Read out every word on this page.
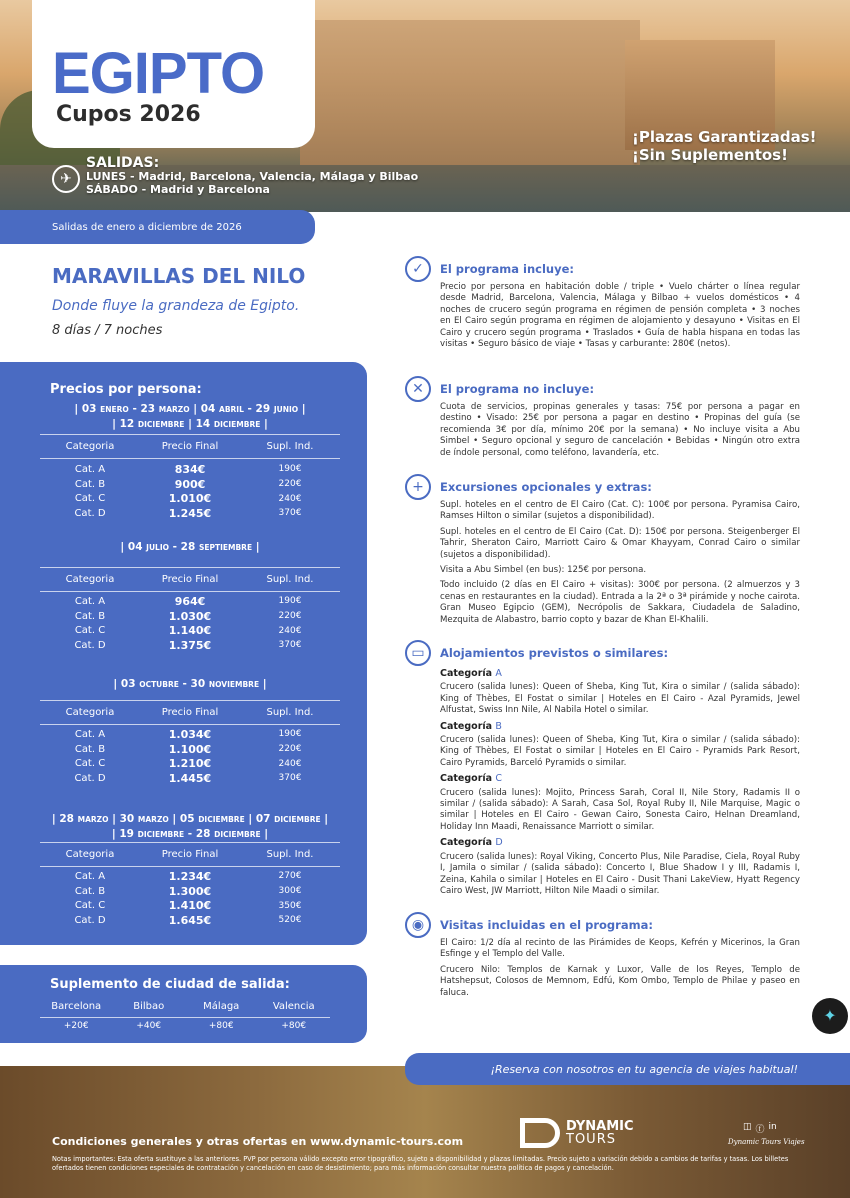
EGIPTO
Cupos 2026
¡Plazas Garantizadas!
¡Sin Suplementos!
✈
SALIDAS:
LUNES - Madrid, Barcelona, Valencia, Málaga y Bilbao
SÁBADO - Madrid y Barcelona
Salidas de enero a diciembre de 2026
MARAVILLAS DEL NILO
Donde fluye la grandeza de Egipto.
8 días / 7 noches
Precios por persona:
| 03 ENERO - 23 MARZO | 04 ABRIL - 29 JUNIO |
| 12 DICIEMBRE | 14 DICIEMBRE |
Categoria	Precio Final	Supl. Ind.
Cat. A	834€	190€
Cat. B	900€	220€
Cat. C	1.010€	240€
Cat. D	1.245€	370€
| 04 JULIO - 28 SEPTIEMBRE |
Categoria	Precio Final	Supl. Ind.
Cat. A	964€	190€
Cat. B	1.030€	220€
Cat. C	1.140€	240€
Cat. D	1.375€	370€
| 03 OCTUBRE - 30 NOVIEMBRE |
Categoria	Precio Final	Supl. Ind.
Cat. A	1.034€	190€
Cat. B	1.100€	220€
Cat. C	1.210€	240€
Cat. D	1.445€	370€
| 28 MARZO | 30 MARZO | 05 DICIEMBRE | 07 DICIEMBRE |
| 19 DICIEMBRE - 28 DICIEMBRE |
Categoria	Precio Final	Supl. Ind.
Cat. A	1.234€	270€
Cat. B	1.300€	300€
Cat. C	1.410€	350€
Cat. D	1.645€	520€
Suplemento de ciudad de salida:
Barcelona	Bilbao	Málaga	Valencia
+20€	+40€	+80€	+80€
✓	El programa incluye:

Precio por persona en habitación doble / triple • Vuelo chárter o línea regular desde Madrid, Barcelona, Valencia, Málaga y Bilbao + vuelos domésticos • 4 noches de crucero según programa en régimen de pensión completa • 3 noches en El Cairo según programa en régimen de alojamiento y desayuno • Visitas en El Cairo y crucero según programa • Traslados • Guía de habla hispana en todas las visitas • Seguro básico de viaje • Tasas y carburante: 280€ (netos).

✕	El programa no incluye:

Cuota de servicios, propinas generales y tasas: 75€ por persona a pagar en destino • Visado: 25€ por persona a pagar en destino • Propinas del guía (se recomienda 3€ por día, mínimo 20€ por la semana) • No incluye visita a Abu Simbel • Seguro opcional y seguro de cancelación • Bebidas • Ningún otro extra de índole personal, como teléfono, lavandería, etc.

+	Excursiones opcionales y extras:

Supl. hoteles en el centro de El Cairo (Cat. C): 100€ por persona. Pyramisa Cairo, Ramses Hilton o similar (sujetos a disponibilidad).

Supl. hoteles en el centro de El Cairo (Cat. D): 150€ por persona. Steigenberger El Tahrir, Sheraton Cairo, Marriott Cairo & Omar Khayyam, Conrad Cairo o similar (sujetos a disponibilidad).

Visita a Abu Simbel (en bus): 125€ por persona.

Todo incluido (2 días en El Cairo + visitas): 300€ por persona. (2 almuerzos y 3 cenas en restaurantes en la ciudad). Entrada a la 2ª o 3ª pirámide y noche cairota. Gran Museo Egipcio (GEM), Necrópolis de Sakkara, Ciudadela de Saladino, Mezquita de Alabastro, barrio copto y bazar de Khan El-Khalili.

▭	Alojamientos previstos o similares:
Categoría A

Crucero (salida lunes): Queen of Sheba, King Tut, Kira o similar / (salida sábado): King of Thèbes, El Fostat o similar | Hoteles en El Cairo - Azal Pyramids, Jewel Alfustat, Swiss Inn Nile, Al Nabila Hotel o similar.

Categoría B

Crucero (salida lunes): Queen of Sheba, King Tut, Kira o similar / (salida sábado): King of Thèbes, El Fostat o similar | Hoteles en El Cairo - Pyramids Park Resort, Cairo Pyramids, Barceló Pyramids o similar.

Categoría C

Crucero (salida lunes): Mojito, Princess Sarah, Coral II, Nile Story, Radamis II o similar / (salida sábado): A Sarah, Casa Sol, Royal Ruby II, Nile Marquise, Magic o similar | Hoteles en El Cairo - Gewan Cairo, Sonesta Cairo, Helnan Dreamland, Holiday Inn Maadi, Renaissance Marriott o similar.

Categoría D

Crucero (salida lunes): Royal Viking, Concerto Plus, Nile Paradise, Ciela, Royal Ruby I, Jamila o similar / (salida sábado): Concerto I, Blue Shadow I y III, Radamis I, Zeina, Kahila o similar | Hoteles en El Cairo - Dusit Thani LakeView, Hyatt Regency Cairo West, JW Marriott, Hilton Nile Maadi o similar.

◉	Visitas incluidas en el programa:

El Cairo: 1/2 día al recinto de las Pirámides de Keops, Kefrén y Micerinos, la Gran Esfinge y el Templo del Valle.

Crucero Nilo: Templos de Karnak y Luxor, Valle de los Reyes, Templo de Hatshepsut, Colosos de Memnom, Edfú, Kom Ombo, Templo de Philae y paseo en faluca.

✦
¡Reserva con nosotros en tu agencia de viajes habitual!
Condiciones generales y otras ofertas en www.dynamic-tours.com
Notas importantes: Esta oferta sustituye a las anteriores. PVP por persona válido excepto error tipográfico, sujeto a disponibilidad y plazas limitadas. Precio sujeto a variación debido a cambios de tarifas y tasas. Los billetes ofertados tienen condiciones especiales de contratación y cancelación en caso de desistimiento; para más información consultar nuestra política de pagos y cancelación.
DYNAMIC
TOURS
◫ ⓕ in
Dynamic Tours Viajes
